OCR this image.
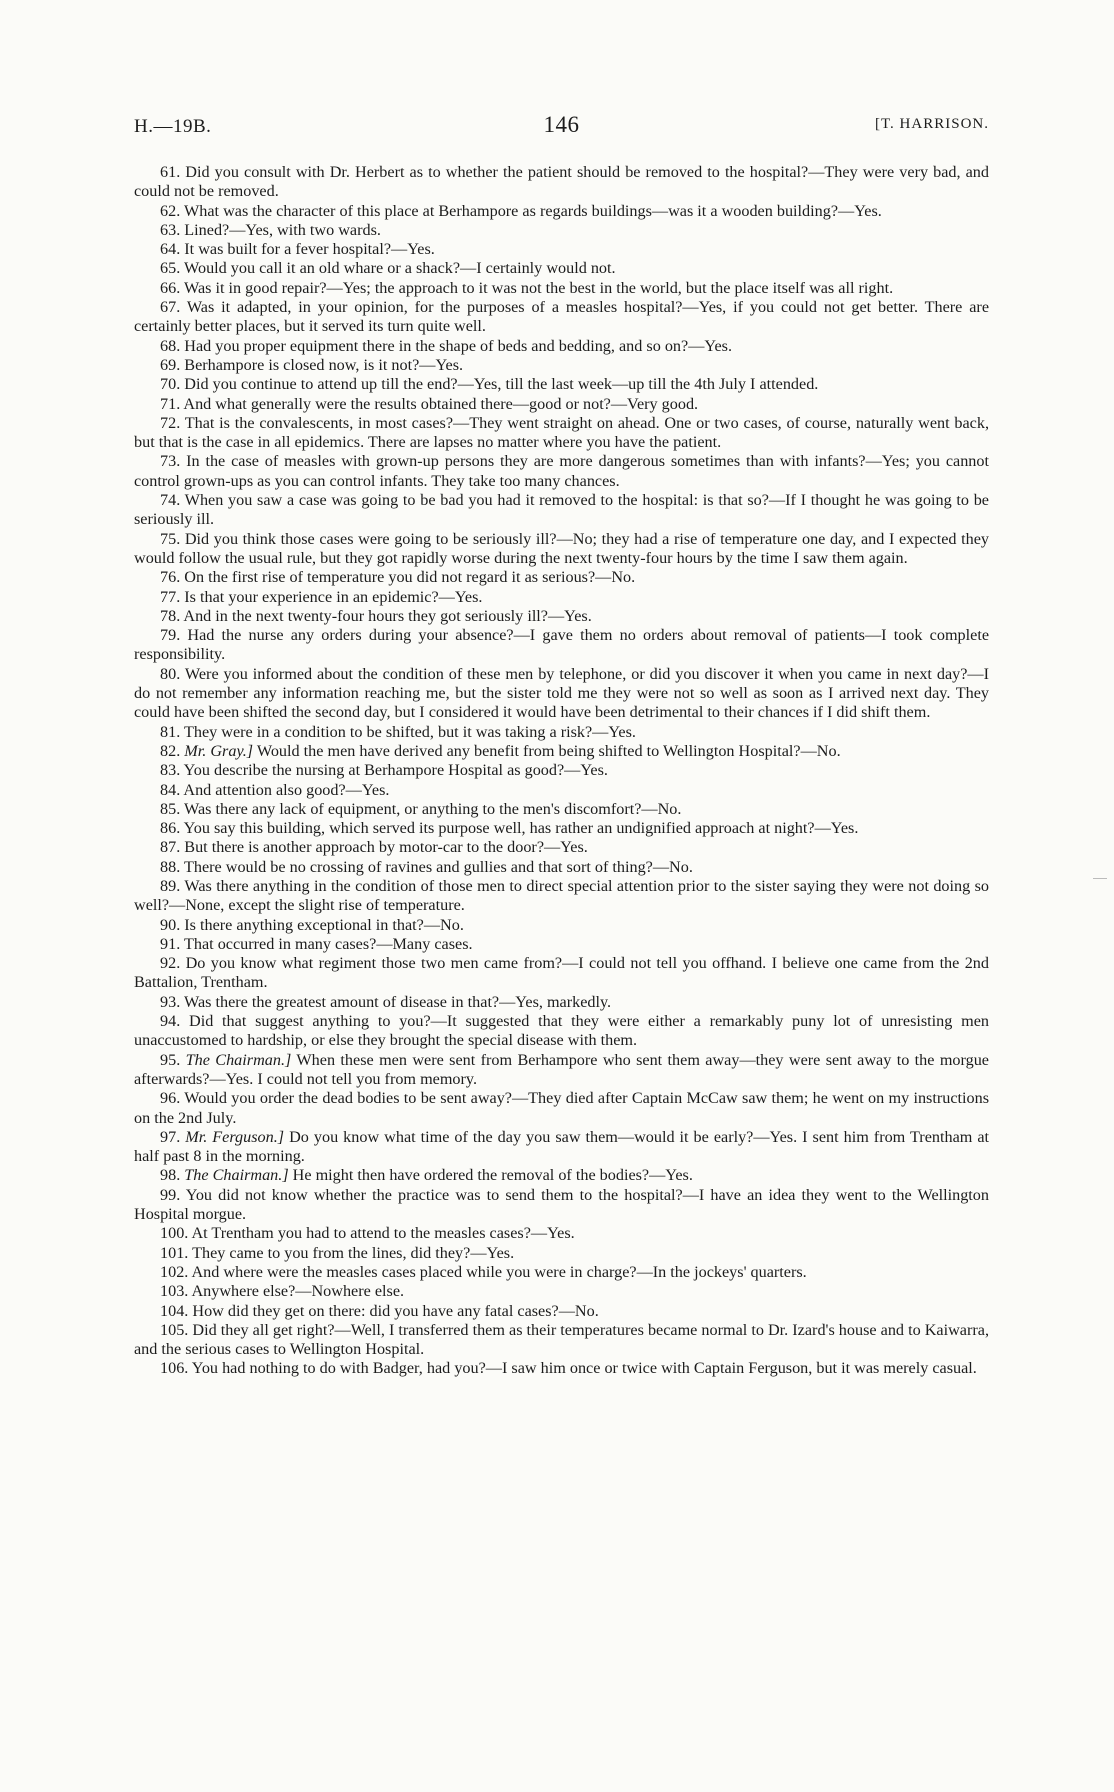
H.—19B.	146	[T. HARRISON.

61. Did you consult with Dr. Herbert as to whether the patient should be removed to the hospital?—They were very bad, and could not be removed.

62. What was the character of this place at Berhampore as regards buildings—was it a wooden building?—Yes.

63. Lined?—Yes, with two wards.

64. It was built for a fever hospital?—Yes.

65. Would you call it an old whare or a shack?—I certainly would not.

66. Was it in good repair?—Yes; the approach to it was not the best in the world, but the place itself was all right.

67. Was it adapted, in your opinion, for the purposes of a measles hospital?—Yes, if you could not get better. There are certainly better places, but it served its turn quite well.

68. Had you proper equipment there in the shape of beds and bedding, and so on?—Yes.

69. Berhampore is closed now, is it not?—Yes.

70. Did you continue to attend up till the end?—Yes, till the last week—up till the 4th July I attended.

71. And what generally were the results obtained there—good or not?—Very good.

72. That is the convalescents, in most cases?—They went straight on ahead. One or two cases, of course, naturally went back, but that is the case in all epidemics. There are lapses no matter where you have the patient.

73. In the case of measles with grown-up persons they are more dangerous sometimes than with infants?—Yes; you cannot control grown-ups as you can control infants. They take too many chances.

74. When you saw a case was going to be bad you had it removed to the hospital: is that so?—If I thought he was going to be seriously ill.

75. Did you think those cases were going to be seriously ill?—No; they had a rise of temperature one day, and I expected they would follow the usual rule, but they got rapidly worse during the next twenty-four hours by the time I saw them again.

76. On the first rise of temperature you did not regard it as serious?—No.

77. Is that your experience in an epidemic?—Yes.

78. And in the next twenty-four hours they got seriously ill?—Yes.

79. Had the nurse any orders during your absence?—I gave them no orders about removal of patients—I took complete responsibility.

80. Were you informed about the condition of these men by telephone, or did you discover it when you came in next day?—I do not remember any information reaching me, but the sister told me they were not so well as soon as I arrived next day. They could have been shifted the second day, but I considered it would have been detrimental to their chances if I did shift them.

81. They were in a condition to be shifted, but it was taking a risk?—Yes.

82. Mr. Gray.] Would the men have derived any benefit from being shifted to Wellington Hospital?—No.

83. You describe the nursing at Berhampore Hospital as good?—Yes.

84. And attention also good?—Yes.

85. Was there any lack of equipment, or anything to the men's discomfort?—No.

86. You say this building, which served its purpose well, has rather an undignified approach at night?—Yes.

87. But there is another approach by motor-car to the door?—Yes.

88. There would be no crossing of ravines and gullies and that sort of thing?—No.

89. Was there anything in the condition of those men to direct special attention prior to the sister saying they were not doing so well?—None, except the slight rise of temperature.

90. Is there anything exceptional in that?—No.

91. That occurred in many cases?—Many cases.

92. Do you know what regiment those two men came from?—I could not tell you offhand. I believe one came from the 2nd Battalion, Trentham.

93. Was there the greatest amount of disease in that?—Yes, markedly.

94. Did that suggest anything to you?—It suggested that they were either a remarkably puny lot of unresisting men unaccustomed to hardship, or else they brought the special disease with them.

95. The Chairman.] When these men were sent from Berhampore who sent them away—they were sent away to the morgue afterwards?—Yes. I could not tell you from memory.

96. Would you order the dead bodies to be sent away?—They died after Captain McCaw saw them; he went on my instructions on the 2nd July.

97. Mr. Ferguson.] Do you know what time of the day you saw them—would it be early?—Yes. I sent him from Trentham at half past 8 in the morning.

98. The Chairman.] He might then have ordered the removal of the bodies?—Yes.

99. You did not know whether the practice was to send them to the hospital?—I have an idea they went to the Wellington Hospital morgue.

100. At Trentham you had to attend to the measles cases?—Yes.

101. They came to you from the lines, did they?—Yes.

102. And where were the measles cases placed while you were in charge?—In the jockeys' quarters.

103. Anywhere else?—Nowhere else.

104. How did they get on there: did you have any fatal cases?—No.

105. Did they all get right?—Well, I transferred them as their temperatures became normal to Dr. Izard's house and to Kaiwarra, and the serious cases to Wellington Hospital.

106. You had nothing to do with Badger, had you?—I saw him once or twice with Captain Ferguson, but it was merely casual.
